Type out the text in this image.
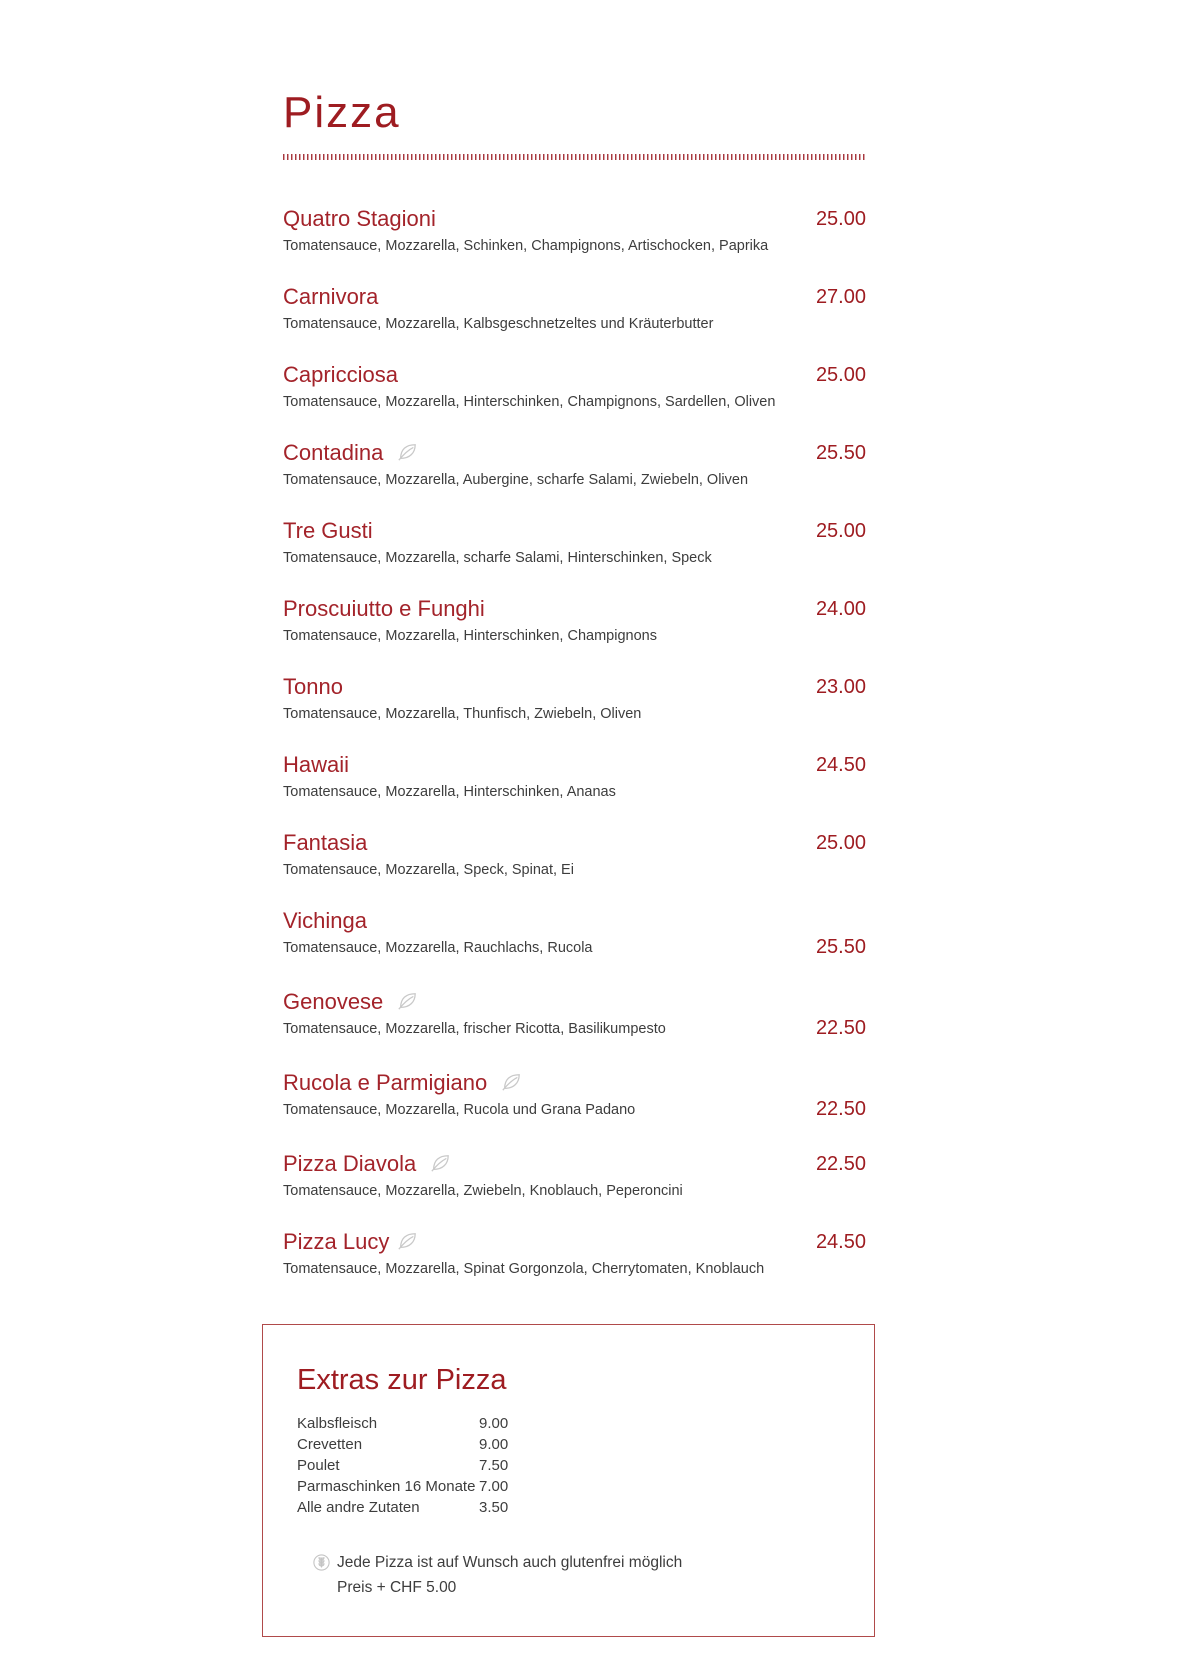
Pizza
Quatro Stagioni
Tomatensauce, Mozzarella, Schinken, Champignons, Artischocken, Paprika
25.00
Carnivora
Tomatensauce, Mozzarella, Kalbsgeschnetzeltes und Kräuterbutter
27.00
Capricciosa
Tomatensauce, Mozzarella, Hinterschinken, Champignons, Sardellen, Oliven
25.00
Contadina
Tomatensauce, Mozzarella, Aubergine, scharfe Salami, Zwiebeln, Oliven
25.50
Tre Gusti
Tomatensauce, Mozzarella, scharfe Salami, Hinterschinken, Speck
25.00
Proscuiutto e Funghi
Tomatensauce, Mozzarella, Hinterschinken, Champignons
24.00
Tonno
Tomatensauce, Mozzarella, Thunfisch, Zwiebeln, Oliven
23.00
Hawaii
Tomatensauce, Mozzarella, Hinterschinken, Ananas
24.50
Fantasia
Tomatensauce, Mozzarella, Speck, Spinat, Ei
25.00
Vichinga
Tomatensauce, Mozzarella, Rauchlachs, Rucola	25.50
Genovese
Tomatensauce, Mozzarella, frischer Ricotta, Basilikumpesto	22.50
Rucola e Parmigiano
Tomatensauce, Mozzarella, Rucola und Grana Padano	22.50
Pizza Diavola
Tomatensauce, Mozzarella, Zwiebeln, Knoblauch, Peperoncini
22.50
Pizza Lucy
Tomatensauce, Mozzarella, Spinat Gorgonzola, Cherrytomaten, Knoblauch
24.50
Extras zur Pizza
Kalbsfleisch	9.00
Crevetten	9.00
Poulet	7.50
Parmaschinken 16 Monate 7.00
Alle andre Zutaten	3.50
Jede Pizza ist auf Wunsch auch glutenfrei möglich
Preis + CHF 5.00
